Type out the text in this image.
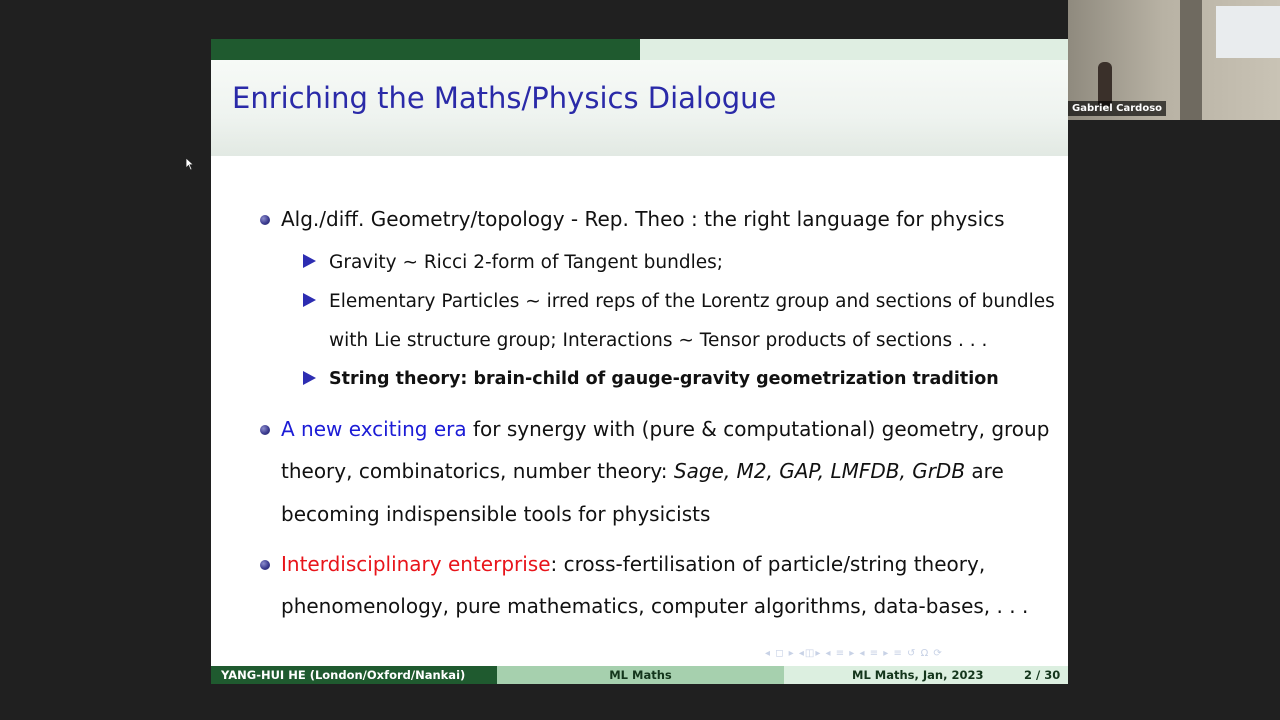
Enriching the Maths/Physics Dialogue
Alg./diff. Geometry/topology - Rep. Theo : the right language for physics
Gravity ∼ Ricci 2-form of Tangent bundles;
Elementary Particles ∼ irred reps of the Lorentz group and sections of bundles
with Lie structure group; Interactions ∼ Tensor products of sections . . .
String theory: brain-child of gauge-gravity geometrization tradition
A new exciting era for synergy with (pure & computational) geometry, group
theory, combinatorics, number theory: Sage, M2, GAP, LMFDB, GrDB are
becoming indispensible tools for physicists
Interdisciplinary enterprise: cross-fertilisation of particle/string theory,
phenomenology, pure mathematics, computer algorithms, data-bases, . . .
◂ ◻ ▸ ◂◫▸ ◂ ≡ ▸ ◂ ≡ ▸ ≡ ↺ Ω ⟳
YANG-HUI HE (London/Oxford/Nankai)	ML Maths	ML Maths, Jan, 2023	2 / 30
Gabriel Cardoso
